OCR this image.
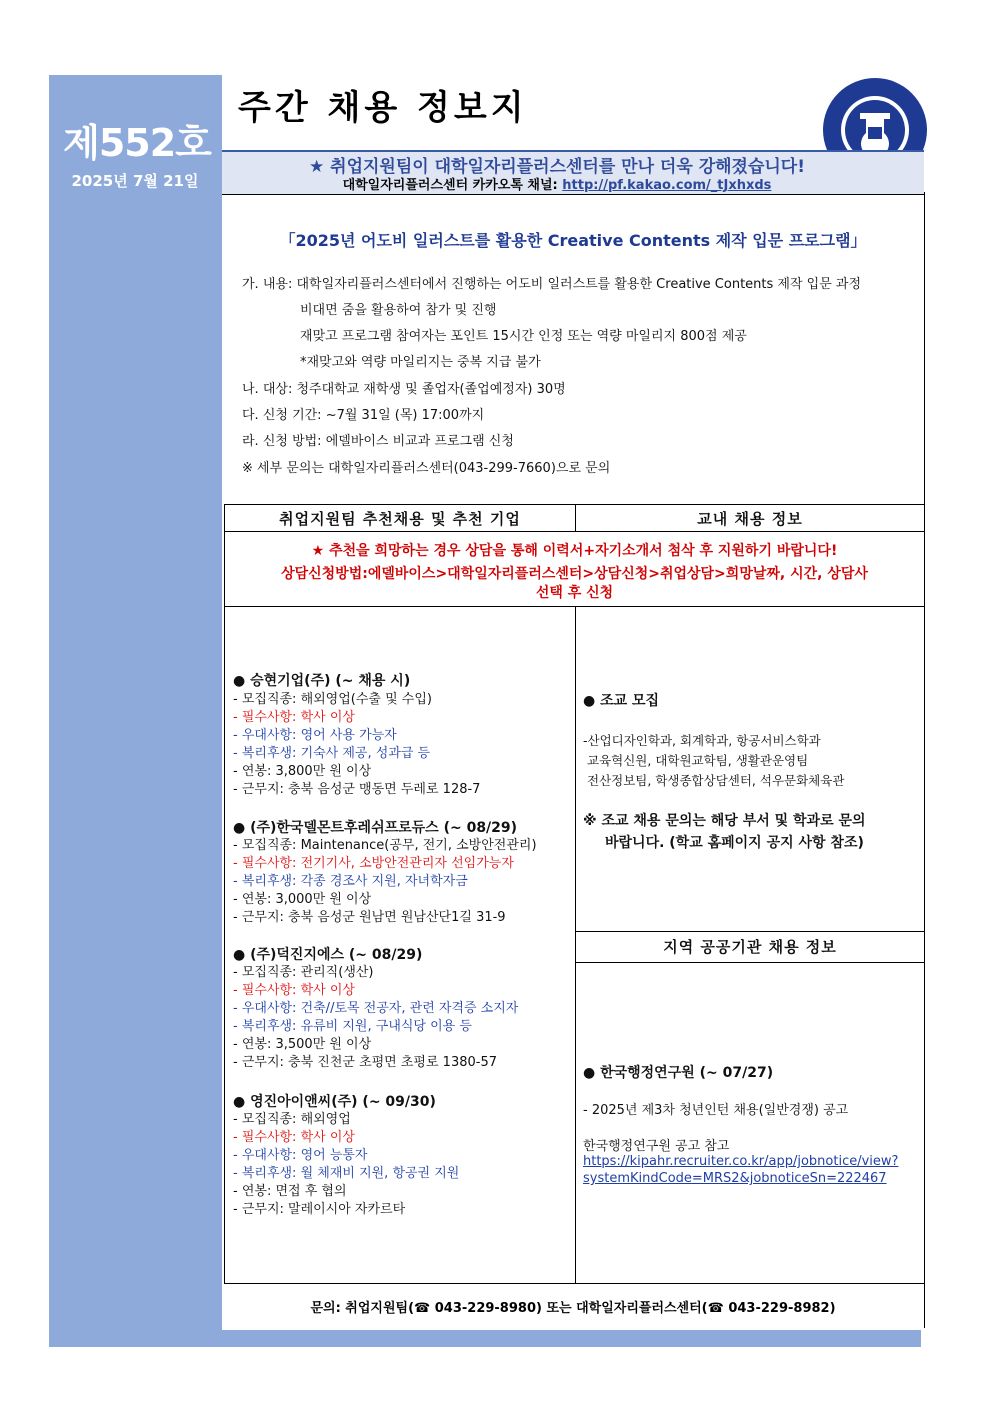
제552호
2025년 7월 21일
주간 채용 정보지
★ 취업지원팀이 대학일자리플러스센터를 만나 더욱 강해졌습니다!
대학일자리플러스센터 카카오톡 채널: http://pf.kakao.com/_tJxhxds
「2025년 어도비 일러스트를 활용한 Creative Contents 제작 입문 프로그램」
가. 내용: 대학일자리플러스센터에서 진행하는 어도비 일러스트를 활용한 Creative Contents 제작 입문 과정
비대면 줌을 활용하여 참가 및 진행
재맞고 프로그램 참여자는 포인트 15시간 인정 또는 역량 마일리지 800점 제공
*재맞고와 역량 마일리지는 중복 지급 불가
나. 대상: 청주대학교 재학생 및 졸업자(졸업예정자) 30명
다. 신청 기간: ~7월 31일 (목) 17:00까지
라. 신청 방법: 에델바이스 비교과 프로그램 신청
※ 세부 문의는 대학일자리플러스센터(043-299-7660)으로 문의
취업지원팀 추천채용 및 추천 기업	교내 채용 정보
★ 추천을 희망하는 경우 상담을 통해 이력서+자기소개서 첨삭 후 지원하기 바랍니다!
상담신청방법:에델바이스>대학일자리플러스센터>상담신청>취업상담>희망날짜, 시간, 상담사
선택 후 신청
지역 공공기관 채용 정보
● 승현기업(주) (~ 채용 시)
- 모집직종: 해외영업(수출 및 수입)
- 필수사항: 학사 이상
- 우대사항: 영어 사용 가능자
- 복리후생: 기숙사 제공, 성과급 등
- 연봉: 3,800만 원 이상
- 근무지: 충북 음성군 맹동면 두레로 128-7
● (주)한국델몬트후레쉬프로듀스 (~ 08/29)
- 모집직종: Maintenance(공무, 전기, 소방안전관리)
- 필수사항: 전기기사, 소방안전관리자 선임가능자
- 복리후생: 각종 경조사 지원, 자녀학자금
- 연봉: 3,000만 원 이상
- 근무지: 충북 음성군 원남면 원남산단1길 31-9
● (주)덕진지에스 (~ 08/29)
- 모집직종: 관리직(생산)
- 필수사항: 학사 이상
- 우대사항: 건축//토목 전공자, 관련 자격증 소지자
- 복리후생: 유류비 지원, 구내식당 이용 등
- 연봉: 3,500만 원 이상
- 근무지: 충북 진천군 초평면 초평로 1380-57
● 영진아이앤씨(주) (~ 09/30)
- 모집직종: 해외영업
- 필수사항: 학사 이상
- 우대사항: 영어 능통자
- 복리후생: 월 체재비 지원, 항공권 지원
- 연봉: 면접 후 협의
- 근무지: 말레이시아 자카르타
● 조교 모집
-산업디자인학과, 회계학과, 항공서비스학과
교육혁신원, 대학원교학팀, 생활관운영팀
전산정보팀, 학생종합상담센터, 석우문화체육관
※ 조교 채용 문의는 해당 부서 및 학과로 문의
바랍니다. (학교 홈페이지 공지 사항 참조)
● 한국행정연구원 (~ 07/27)
- 2025년 제3차 청년인턴 채용(일반경쟁) 공고
한국행정연구원 공고 참고
https://kipahr.recruiter.co.kr/app/jobnotice/view?
systemKindCode=MRS2&jobnoticeSn=222467
문의: 취업지원팀(☎ 043-229-8980) 또는 대학일자리플러스센터(☎ 043-229-8982)
